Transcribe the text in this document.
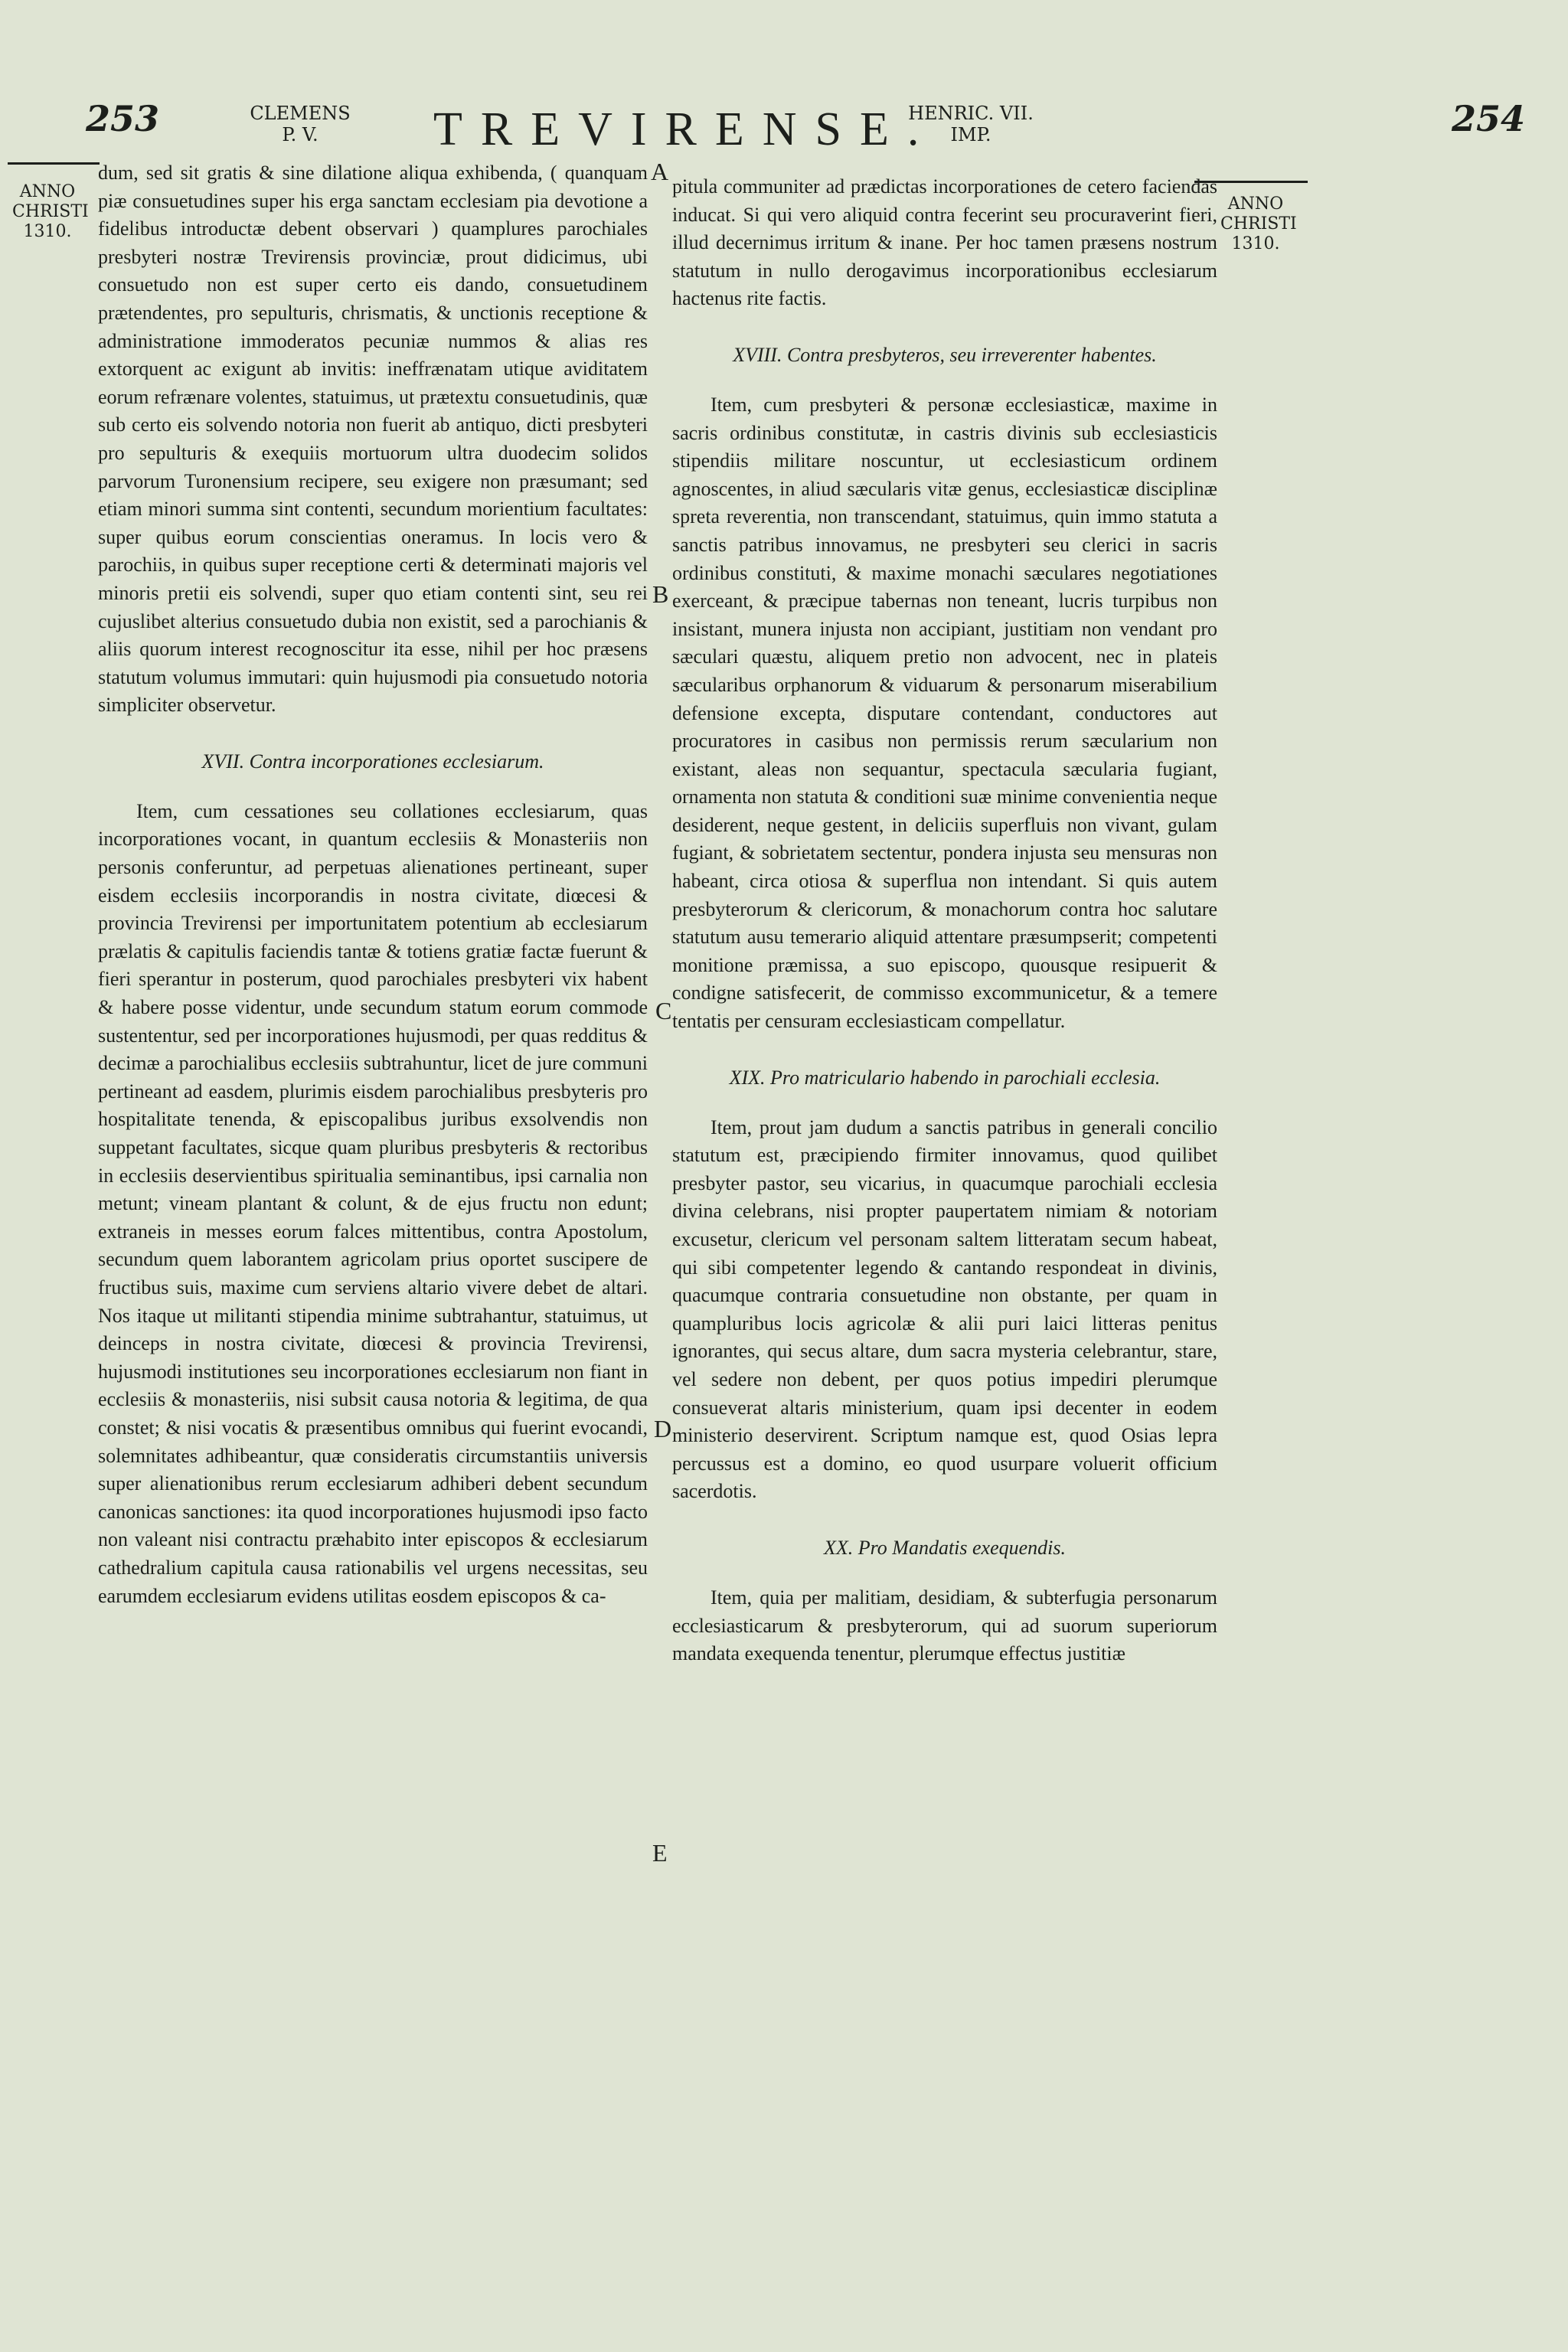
253	CLEMENS
P. V.	TREVIRENSE.
HENRIC. VII.
IMP.	254
ANNO
CHRISTI
1310.
ANNO
CHRISTI
1310.
A
B
C
D
E

dum, sed sit gratis & sine dilatione aliqua exhibenda, ( quanquam piæ consuetudines super his erga sanctam ecclesiam pia devotione a fidelibus introductæ debent observari ) quamplures parochiales presbyteri nostræ Trevirensis provinciæ, prout didicimus, ubi consuetudo non est super certo eis dando, consuetudinem prætendentes, pro sepulturis, chrismatis, & unctionis receptione & administratione immoderatos pecuniæ nummos & alias res extorquent ac exigunt ab invitis: ineffrænatam utique aviditatem eorum refrænare volentes, statuimus, ut prætextu consuetudinis, quæ sub certo eis solvendo notoria non fuerit ab antiquo, dicti presbyteri pro sepulturis & exequiis mortuorum ultra duodecim solidos parvorum Turonensium recipere, seu exigere non præsumant; sed etiam minori summa sint contenti, secundum morientium facultates: super quibus eorum conscientias oneramus. In locis vero & parochiis, in quibus super receptione certi & determinati majoris vel minoris pretii eis solvendi, super quo etiam contenti sint, seu rei cujuslibet alterius consuetudo dubia non existit, sed a parochianis & aliis quorum interest recognoscitur ita esse, nihil per hoc præsens statutum volumus immutari: quin hujusmodi pia consuetudo notoria simpliciter observetur.

XVII. Contra incorporationes ecclesiarum.

Item, cum cessationes seu collationes ecclesiarum, quas incorporationes vocant, in quantum ecclesiis & Monasteriis non personis conferuntur, ad perpetuas alienationes pertineant, super eisdem ecclesiis incorporandis in nostra civitate, diœcesi & provincia Trevirensi per importunitatem potentium ab ecclesiarum prælatis & capitulis faciendis tantæ & totiens gratiæ factæ fuerunt & fieri sperantur in posterum, quod parochiales presbyteri vix habent & habere posse videntur, unde secundum statum eorum commode sustententur, sed per incorporationes hujusmodi, per quas redditus & decimæ a parochialibus ecclesiis subtrahuntur, licet de jure communi pertineant ad easdem, plurimis eisdem parochialibus presbyteris pro hospitalitate tenenda, & episcopalibus juribus exsolvendis non suppetant facultates, sicque quam pluribus presbyteris & rectoribus in ecclesiis deservientibus spiritualia seminantibus, ipsi carnalia non metunt; vineam plantant & colunt, & de ejus fructu non edunt; extraneis in messes eorum falces mittentibus, contra Apostolum, secundum quem laborantem agricolam prius oportet suscipere de fructibus suis, maxime cum serviens altario vivere debet de altari. Nos itaque ut militanti stipendia minime subtrahantur, statuimus, ut deinceps in nostra civitate, diœcesi & provincia Trevirensi, hujusmodi institutiones seu incorporationes ecclesiarum non fiant in ecclesiis & monasteriis, nisi subsit causa notoria & legitima, de qua constet; & nisi vocatis & præsentibus omnibus qui fuerint evocandi, solemnitates adhibeantur, quæ consideratis circumstantiis universis super alienationibus rerum ecclesiarum adhiberi debent secundum canonicas sanctiones: ita quod incorporationes hujusmodi ipso facto non valeant nisi contractu præhabito inter episcopos & ecclesiarum cathedralium capitula causa rationabilis vel urgens necessitas, seu earumdem ecclesiarum evidens utilitas eosdem episcopos & ca-

pitula communiter ad prædictas incorporationes de cetero faciendas inducat. Si qui vero aliquid contra fecerint seu procuraverint fieri, illud decernimus irritum & inane. Per hoc tamen præsens nostrum statutum in nullo derogavimus incorporationibus ecclesiarum hactenus rite factis.

XVIII. Contra presbyteros, seu irreverenter habentes.

Item, cum presbyteri & personæ ecclesiasticæ, maxime in sacris ordinibus constitutæ, in castris divinis sub ecclesiasticis stipendiis militare noscuntur, ut ecclesiasticum ordinem agnoscentes, in aliud sæcularis vitæ genus, ecclesiasticæ disciplinæ spreta reverentia, non transcendant, statuimus, quin immo statuta a sanctis patribus innovamus, ne presbyteri seu clerici in sacris ordinibus constituti, & maxime monachi sæculares negotiationes exerceant, & præcipue tabernas non teneant, lucris turpibus non insistant, munera injusta non accipiant, justitiam non vendant pro sæculari quæstu, aliquem pretio non advocent, nec in plateis sæcularibus orphanorum & viduarum & personarum miserabilium defensione excepta, disputare contendant, conductores aut procuratores in casibus non permissis rerum sæcularium non existant, aleas non sequantur, spectacula sæcularia fugiant, ornamenta non statuta & conditioni suæ minime convenientia neque desiderent, neque gestent, in deliciis superfluis non vivant, gulam fugiant, & sobrietatem sectentur, pondera injusta seu mensuras non habeant, circa otiosa & superflua non intendant. Si quis autem presbyterorum & clericorum, & monachorum contra hoc salutare statutum ausu temerario aliquid attentare præsumpserit; competenti monitione præmissa, a suo episcopo, quousque resipuerit & condigne satisfecerit, de commisso excommunicetur, & a temere tentatis per censuram ecclesiasticam compellatur.

XIX. Pro matriculario habendo in parochiali ecclesia.

Item, prout jam dudum a sanctis patribus in generali concilio statutum est, præcipiendo firmiter innovamus, quod quilibet presbyter pastor, seu vicarius, in quacumque parochiali ecclesia divina celebrans, nisi propter paupertatem nimiam & notoriam excusetur, clericum vel personam saltem litteratam secum habeat, qui sibi competenter legendo & cantando respondeat in divinis, quacumque contraria consuetudine non obstante, per quam in quampluribus locis agricolæ & alii puri laici litteras penitus ignorantes, qui secus altare, dum sacra mysteria celebrantur, stare, vel sedere non debent, per quos potius impediri plerumque consueverat altaris ministerium, quam ipsi decenter in eodem ministerio deservirent. Scriptum namque est, quod Osias lepra percussus est a domino, eo quod usurpare voluerit officium sacerdotis.

XX. Pro Mandatis exequendis.

Item, quia per malitiam, desidiam, & subterfugia personarum ecclesiasticarum & presbyterorum, qui ad suorum superiorum mandata exequenda tenentur, plerumque effectus justitiæ
